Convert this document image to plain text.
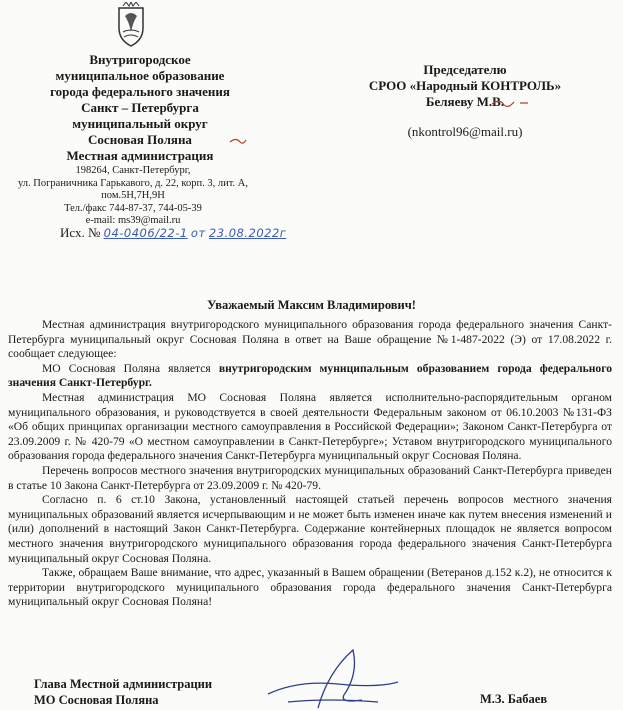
Внутригородское
муниципальное образование
города федерального значения
Санкт – Петербурга
муниципальный округ
Сосновая Поляна
Местная администрация
198264, Санкт-Петербург,
ул. Пограничника Гарькавого, д. 22, корп. 3, лит. А,
пом.5Н,7Н,9Н
Тел./факс 744-87-37, 744-05-39
e-mail: ms39@mail.ru
Исх. № 04-0406/22-1 от 23.08.2022г
Председателю
СРОО «Народный КОНТРОЛЬ»
Беляеву М.В.
(nkontrol96@mail.ru)
Уважаемый Максим Владимирович!

Местная администрация внутригородского муниципального образования города федерального значения Санкт-Петербурга муниципальный округ Сосновая Поляна в ответ на Ваше обращение №1-487-2022 (Э) от 17.08.2022 г. сообщает следующее:

МО Сосновая Поляна является внутригородским муниципальным образованием города федерального значения Санкт-Петербург.

Местная администрация МО Сосновая Поляна является исполнительно-распорядительным органом муниципального образования, и руководствуется в своей деятельности Федеральным законом от 06.10.2003 №131-ФЗ «Об общих принципах организации местного самоуправления в Российской Федерации»; Законом Санкт-Петербурга от 23.09.2009 г. № 420-79 «О местном самоуправлении в Санкт-Петербурге»; Уставом внутригородского муниципального образования города федерального значения Санкт-Петербурга муниципальный округ Сосновая Поляна.

Перечень вопросов местного значения внутригородских муниципальных образований Санкт-Петербурга приведен в статье 10 Закона Санкт-Петербурга от 23.09.2009 г. № 420-79.

Согласно п. 6 ст.10 Закона, установленный настоящей статьей перечень вопросов местного значения муниципальных образований является исчерпывающим и не может быть изменен иначе как путем внесения изменений и (или) дополнений в настоящий Закон Санкт-Петербурга. Содержание контейнерных площадок не является вопросом местного значения внутригородского муниципального образования города федерального значения Санкт-Петербурга муниципальный округ Сосновая Поляна.

Также, обращаем Ваше внимание, что адрес, указанный в Вашем обращении (Ветеранов д.152 к.2), не относится к территории внутригородского муниципального образования города федерального значения Санкт-Петербурга муниципальный округ Сосновая Поляна!

Глава Местной администрации
МО Сосновая Поляна	М.З. Бабаев
